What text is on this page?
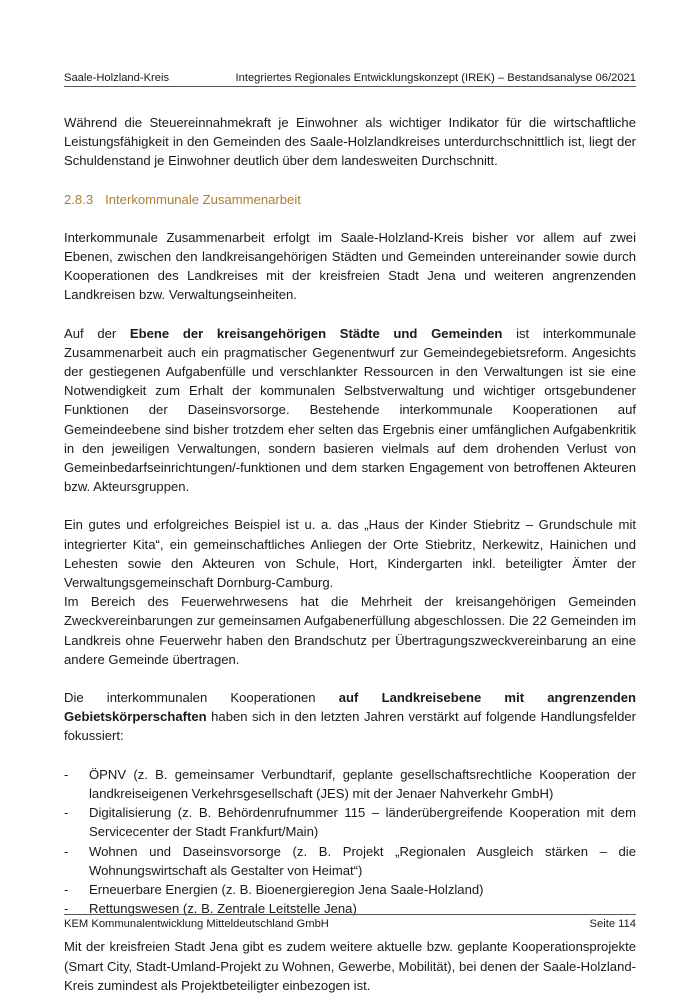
Saale-Holzland-Kreis	Integriertes Regionales Entwicklungskonzept (IREK) – Bestandsanalyse 06/2021

Während die Steuereinnahmekraft je Einwohner als wichtiger Indikator für die wirtschaftliche Leistungsfähigkeit in den Gemeinden des Saale-Holzlandkreises unterdurchschnittlich ist, liegt der Schuldenstand je Einwohner deutlich über dem landesweiten Durchschnitt.

2.8.3 Interkommunale Zusammenarbeit

Interkommunale Zusammenarbeit erfolgt im Saale-Holzland-Kreis bisher vor allem auf zwei Ebenen, zwischen den landkreisangehörigen Städten und Gemeinden untereinander sowie durch Kooperationen des Landkreises mit der kreisfreien Stadt Jena und weiteren angrenzenden Landkreisen bzw. Verwaltungseinheiten.

Auf der Ebene der kreisangehörigen Städte und Gemeinden ist interkommunale Zusammenarbeit auch ein pragmatischer Gegenentwurf zur Gemeindegebietsreform. Angesichts der gestiegenen Aufgabenfülle und verschlankter Ressourcen in den Verwaltungen ist sie eine Notwendigkeit zum Erhalt der kommunalen Selbstverwaltung und wichtiger ortsgebundener Funktionen der Daseinsvorsorge. Bestehende interkommunale Kooperationen auf Gemeindeebene sind bisher trotzdem eher selten das Ergebnis einer umfänglichen Aufgabenkritik in den jeweiligen Verwaltungen, sondern basieren vielmals auf dem drohenden Verlust von Gemeinbedarfseinrichtungen/-funktionen und dem starken Engagement von betroffenen Akteuren bzw. Akteursgruppen.

Ein gutes und erfolgreiches Beispiel ist u. a. das „Haus der Kinder Stiebritz – Grundschule mit integrierter Kita“, ein gemeinschaftliches Anliegen der Orte Stiebritz, Nerkewitz, Hainichen und Lehesten sowie den Akteuren von Schule, Hort, Kindergarten inkl. beteiligter Ämter der Verwaltungsgemeinschaft Dornburg-Camburg.

Im Bereich des Feuerwehrwesens hat die Mehrheit der kreisangehörigen Gemeinden Zweckvereinbarungen zur gemeinsamen Aufgabenerfüllung abgeschlossen. Die 22 Gemeinden im Landkreis ohne Feuerwehr haben den Brandschutz per Übertragungszweckvereinbarung an eine andere Gemeinde übertragen.

Die interkommunalen Kooperationen auf Landkreisebene mit angrenzenden Gebietskörperschaften haben sich in den letzten Jahren verstärkt auf folgende Handlungsfelder fokussiert:

-	ÖPNV (z. B. gemeinsamer Verbundtarif, geplante gesellschaftsrechtliche Kooperation der landkreiseigenen Verkehrsgesellschaft (JES) mit der Jenaer Nahverkehr GmbH)
-	Digitalisierung (z. B. Behördenrufnummer 115 – länderübergreifende Kooperation mit dem Servicecenter der Stadt Frankfurt/Main)
-	Wohnen und Daseinsvorsorge (z. B. Projekt „Regionalen Ausgleich stärken – die Wohnungswirtschaft als Gestalter von Heimat“)
-	Erneuerbare Energien (z. B. Bioenergieregion Jena Saale-Holzland)
-	Rettungswesen (z. B. Zentrale Leitstelle Jena)

Mit der kreisfreien Stadt Jena gibt es zudem weitere aktuelle bzw. geplante Kooperationsprojekte (Smart City, Stadt-Umland-Projekt zu Wohnen, Gewerbe, Mobilität), bei denen der Saale-Holzland-Kreis zumindest als Projektbeteiligter einbezogen ist.

KEM Kommunalentwicklung Mitteldeutschland GmbH	Seite 114
